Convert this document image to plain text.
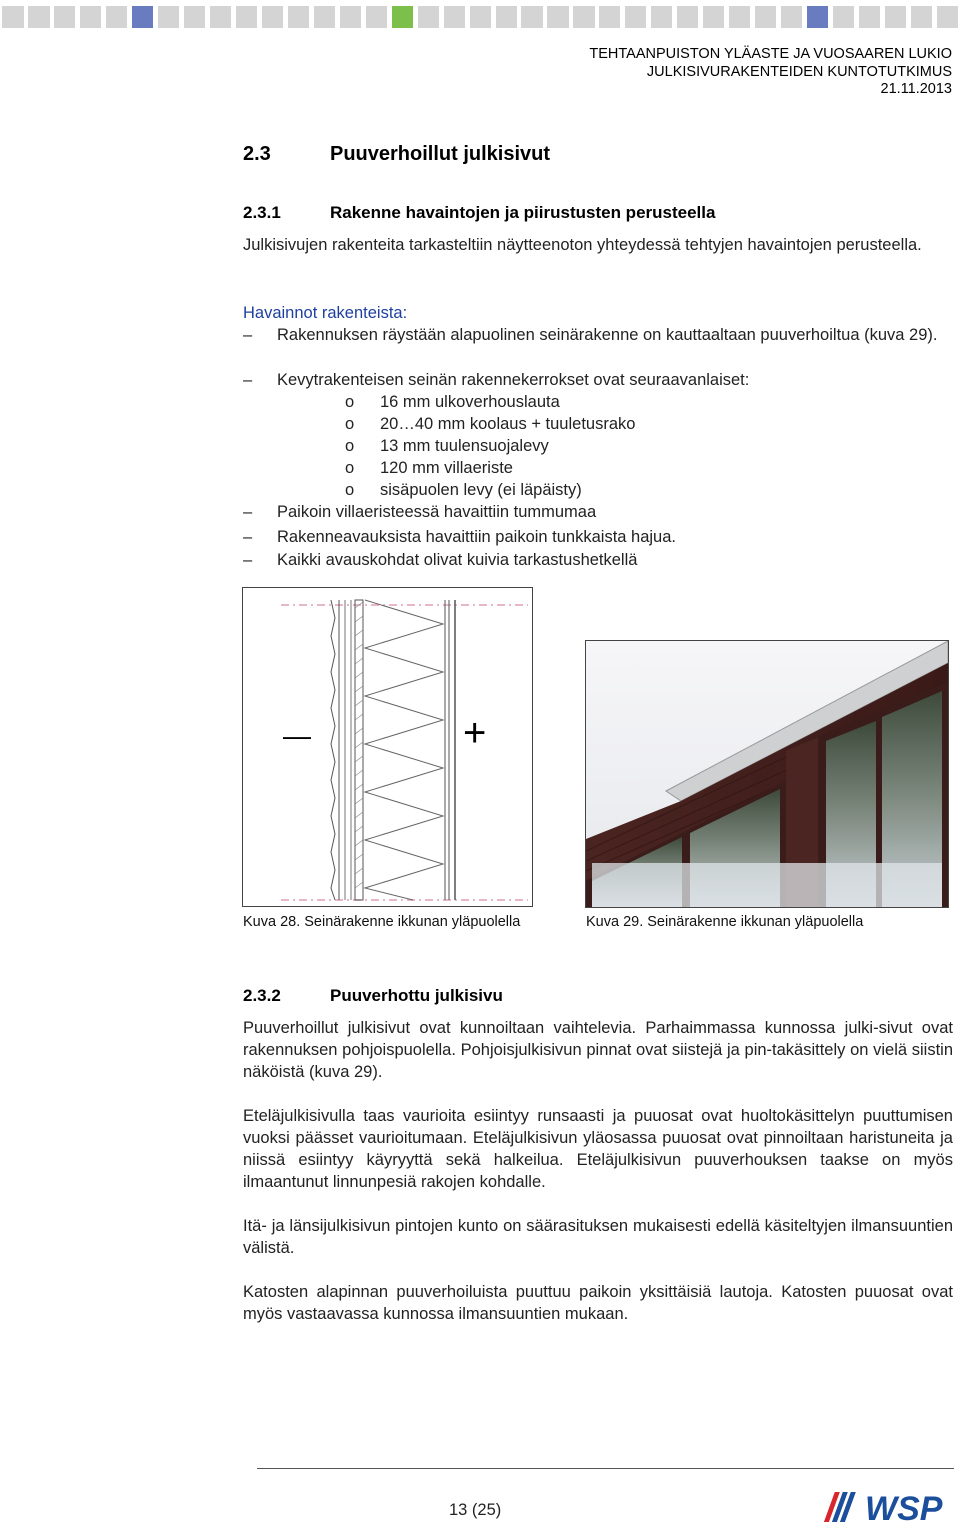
TEHTAANPUISTON YLÄASTE JA VUOSAAREN LUKIO
JULKISIVURAKENTEIDEN KUNTOTUTKIMUS
21.11.2013
2.3	Puuverhoillut julkisivut
2.3.1	Rakenne havaintojen ja piirustusten perusteella
Julkisivujen rakenteita tarkasteltiin näytteenoton yhteydessä tehtyjen havaintojen perusteella.
Havainnot rakenteista:
– Rakennuksen räystään alapuolinen seinärakenne on kauttaaltaan puuverhoiltua (kuva 29).
– Kevytrakenteisen seinän rakennekerrokset ovat seuraavanlaiset:
o 16 mm ulkoverhouslauta
o 20…40 mm koolaus + tuuletusrako
o 13 mm tuulensuojalevy
o 120 mm villaeriste
o sisäpuolen levy (ei läpäisty)
– Paikoin villaeristeessä havaittiin tummumaa
– Rakenneavauksista havaittiin paikoin tunkkaista hajua.
– Kaikki avauskohdat olivat kuivia tarkastushetkellä
—	+
Kuva 28. Seinärakenne ikkunan yläpuolella	Kuva 29. Seinärakenne ikkunan yläpuolella
2.3.2	Puuverhottu julkisivu
Puuverhoillut julkisivut ovat kunnoiltaan vaihtelevia. Parhaimmassa kunnossa julki-sivut ovat rakennuksen pohjoispuolella. Pohjoisjulkisivun pinnat ovat siistejä ja pin-takäsittely on vielä siistin näköistä (kuva 29).
Eteläjulkisivulla taas vaurioita esiintyy runsaasti ja puuosat ovat huoltokäsittelyn puuttumisen vuoksi päässet vaurioitumaan. Eteläjulkisivun yläosassa puuosat ovat pinnoiltaan haristuneita ja niissä esiintyy käyryyttä sekä halkeilua. Eteläjulkisivun puuverhouksen taakse on myös ilmaantunut linnunpesiä rakojen kohdalle.
Itä- ja länsijulkisivun pintojen kunto on säärasituksen mukaisesti edellä käsiteltyjen ilmansuuntien välistä.
Katosten alapinnan puuverhoiluista puuttuu paikoin yksittäisiä lautoja. Katosten puuosat ovat myös vastaavassa kunnossa ilmansuuntien mukaan.
13 (25)	WSP
